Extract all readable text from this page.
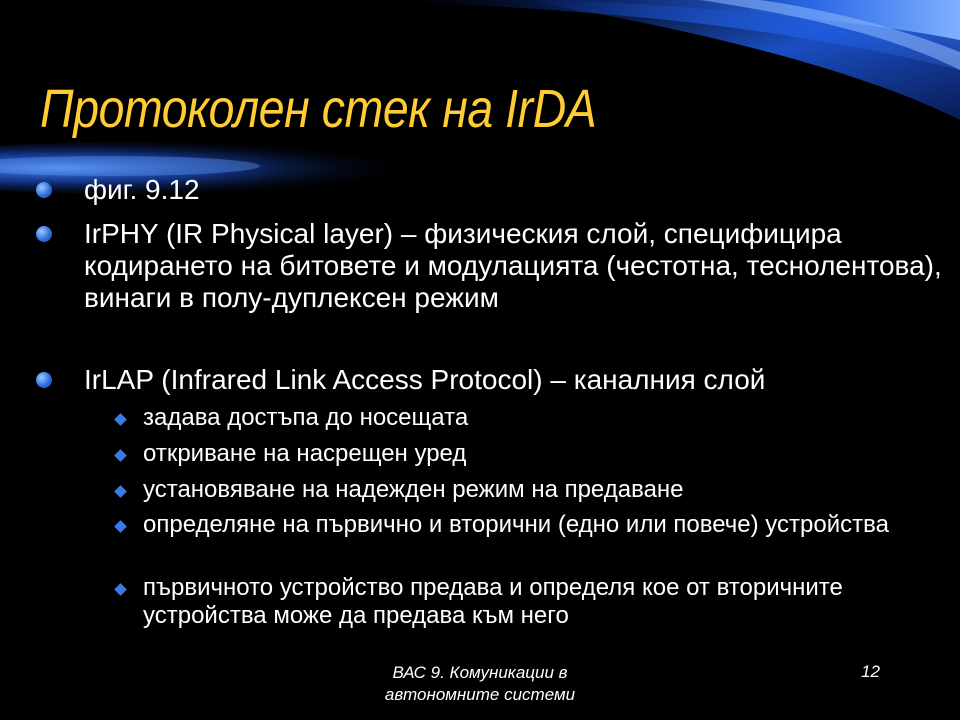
Протоколен стек на IrDA
фиг. 9.12
IrPHY (IR Physical layer) – физическия слой, специфицира кодирането на битовете и модулацията (честотна, теснолентова), винаги в полу-дуплексен режим
IrLAP (Infrared Link Access Protocol) – каналния слой
задава достъпа до носещата
откриване на насрещен уред
установяване на надежден режим на предаване
определяне на първично и вторични (едно или повече) устройства
първичното устройство предава и определя кое от вторичните устройства може да предава към него
ВАС 9. Комуникации в автономните системи
12
